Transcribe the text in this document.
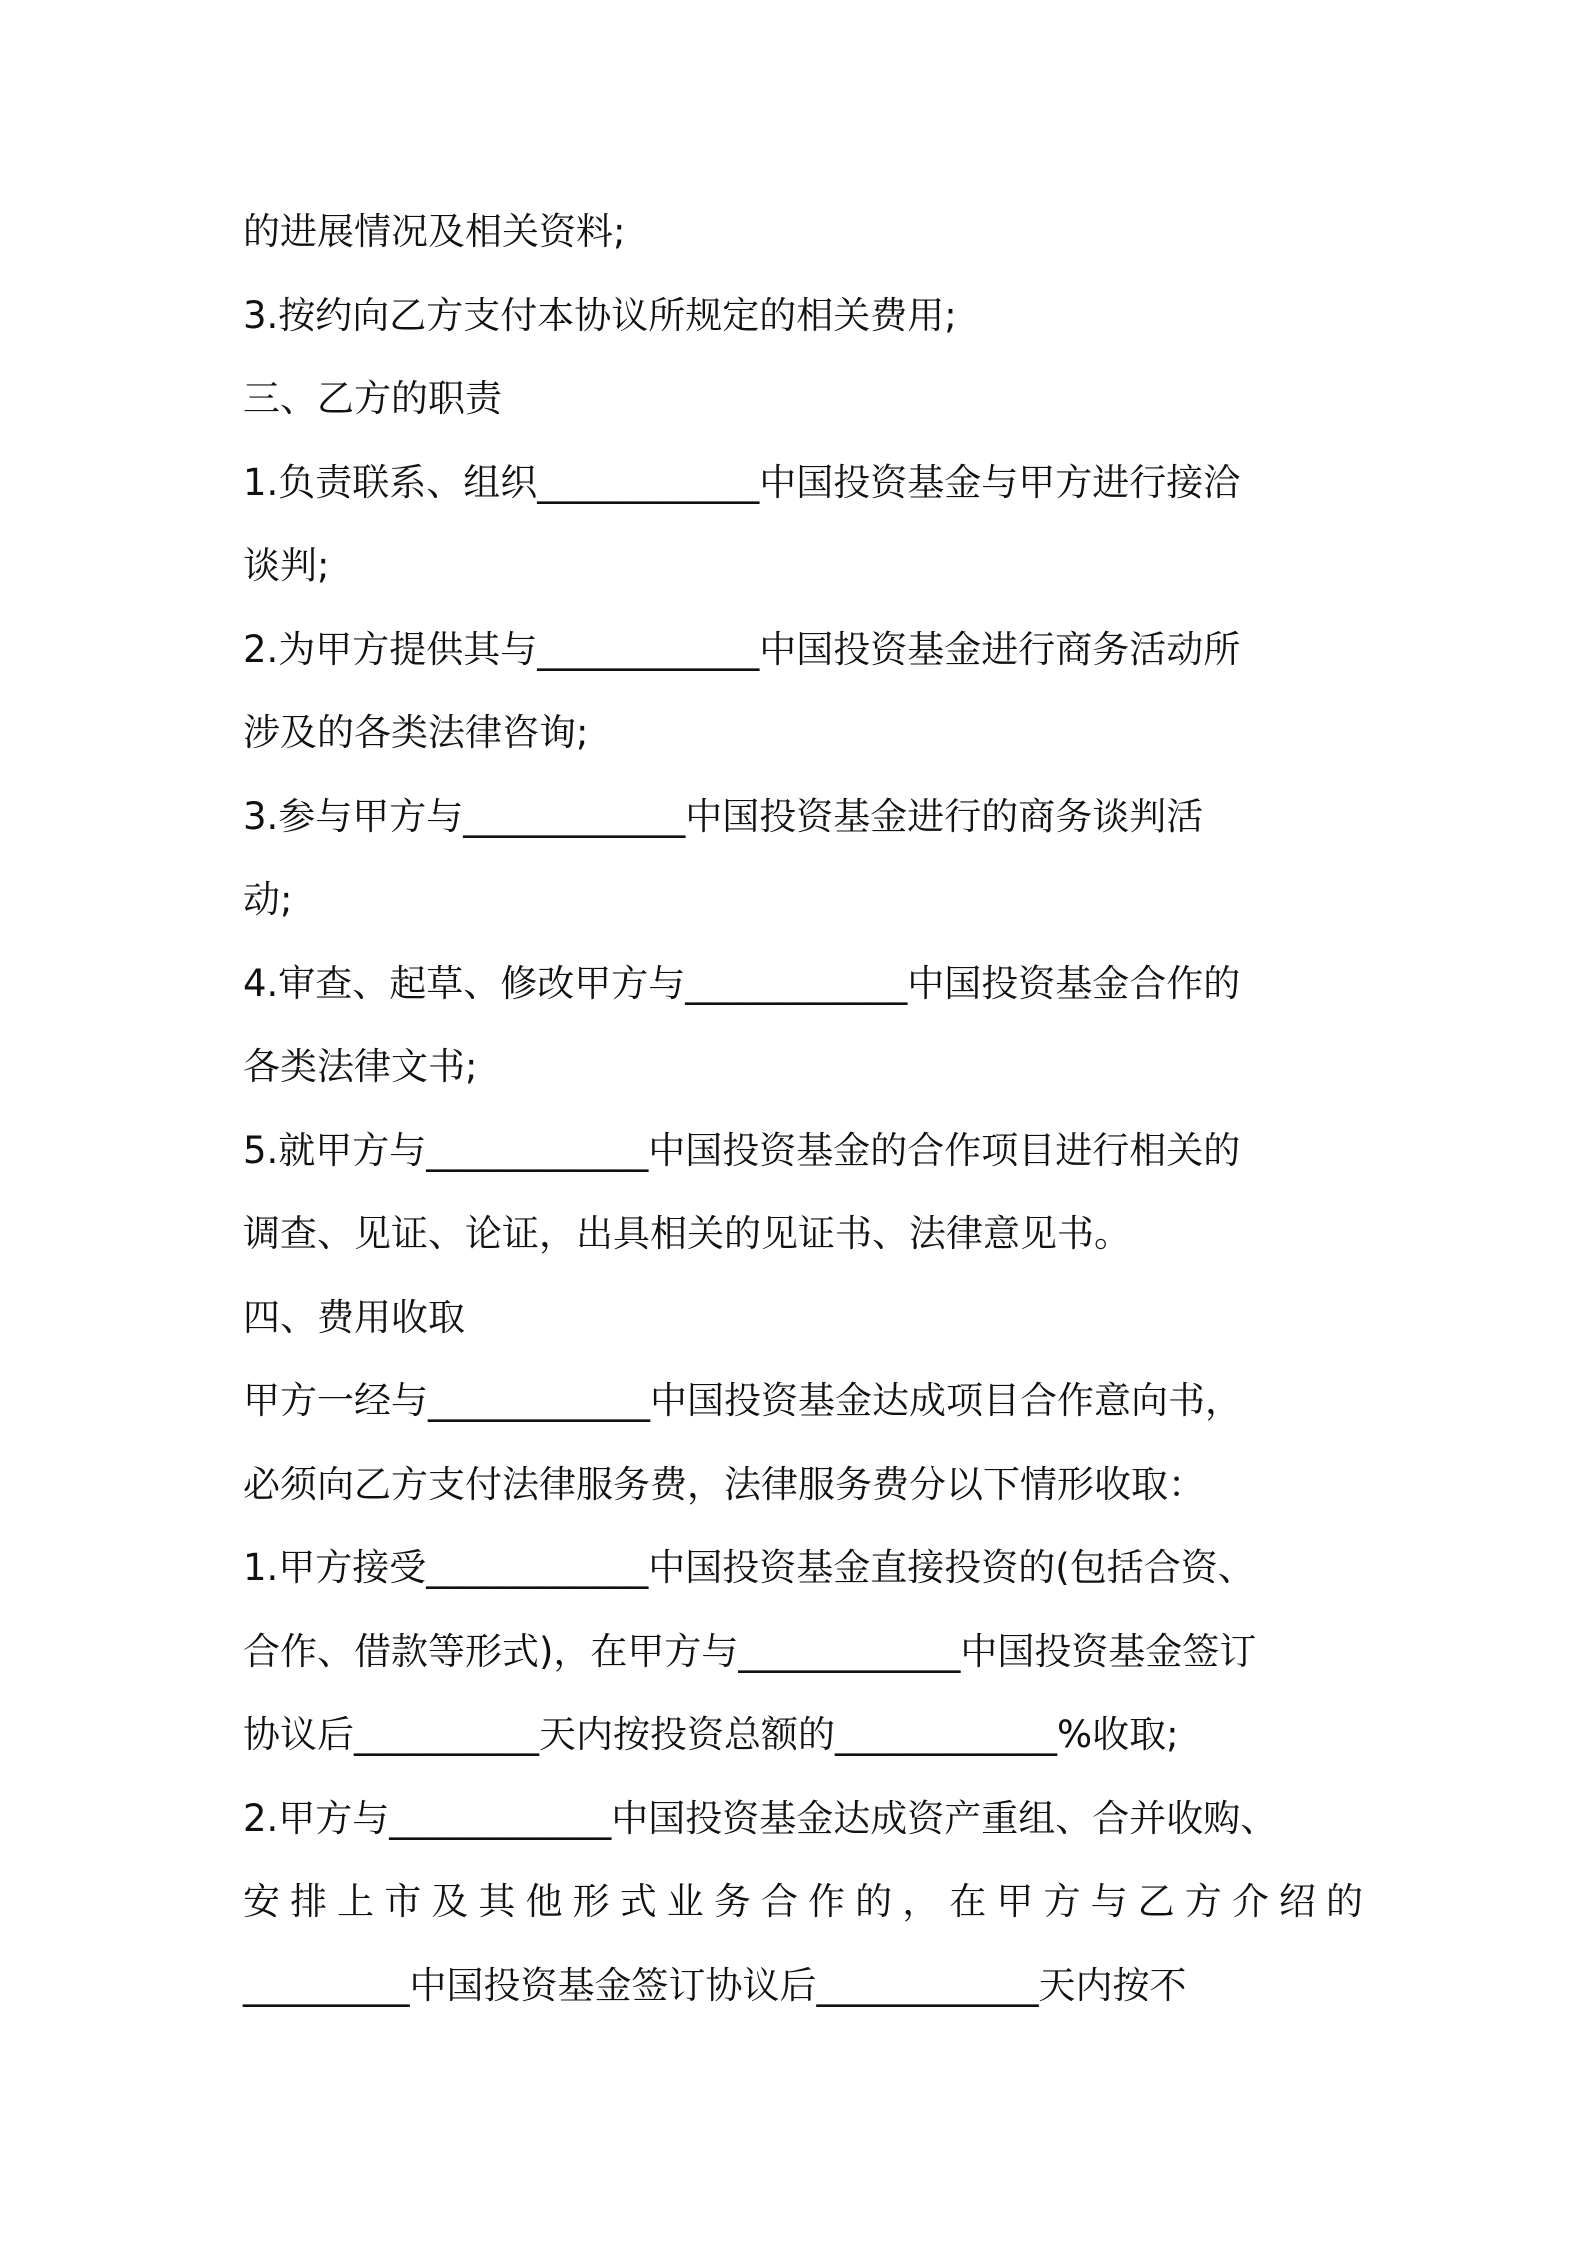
的进展情况及相关资料;
3.按约向乙方支付本协议所规定的相关费用;
三、乙方的职责
1.负责联系、组织____________中国投资基金与甲方进行接洽
谈判;
2.为甲方提供其与____________中国投资基金进行商务活动所
涉及的各类法律咨询;
3.参与甲方与____________中国投资基金进行的商务谈判活
动;
4.审查、起草、修改甲方与____________中国投资基金合作的
各类法律文书;
5.就甲方与____________中国投资基金的合作项目进行相关的
调查、见证、论证，出具相关的见证书、法律意见书。
四、费用收取
甲方一经与____________中国投资基金达成项目合作意向书，
必须向乙方支付法律服务费，法律服务费分以下情形收取：
1.甲方接受____________中国投资基金直接投资的(包括合资、
合作、借款等形式)，在甲方与____________中国投资基金签订
协议后__________天内按投资总额的____________%收取;
2.甲方与____________中国投资基金达成资产重组、合并收购、
安排上市及其他形式业务合作的，在甲方与乙方介绍的
_________中国投资基金签订协议后____________天内按不
